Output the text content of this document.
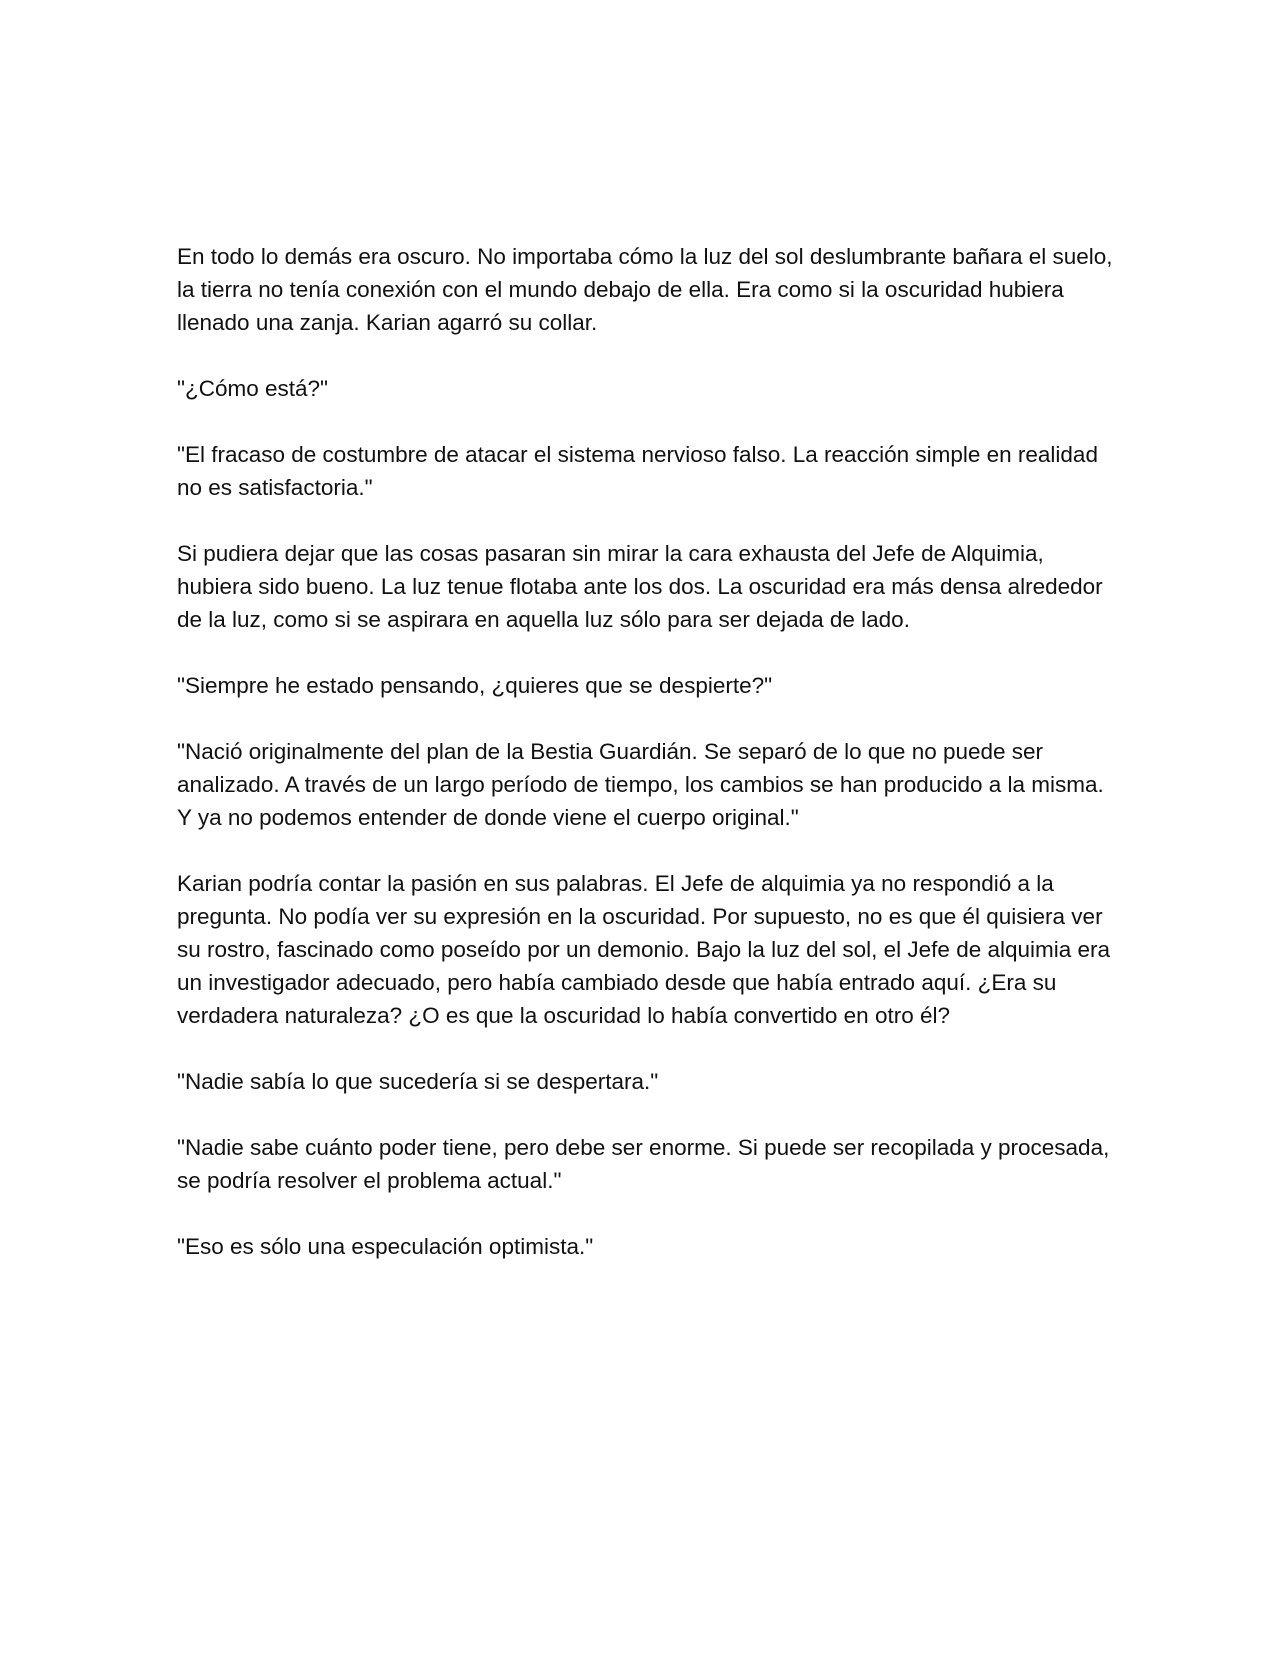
En todo lo demás era oscuro. No importaba cómo la luz del sol deslumbrante bañara el suelo, la tierra no tenía conexión con el mundo debajo de ella. Era como si la oscuridad hubiera llenado una zanja. Karian agarró su collar.

"¿Cómo está?"

"El fracaso de costumbre de atacar el sistema nervioso falso. La reacción simple en realidad no es satisfactoria."

Si pudiera dejar que las cosas pasaran sin mirar la cara exhausta del Jefe de Alquimia, hubiera sido bueno. La luz tenue flotaba ante los dos. La oscuridad era más densa alrededor de la luz, como si se aspirara en aquella luz sólo para ser dejada de lado.

"Siempre he estado pensando, ¿quieres que se despierte?"

"Nació originalmente del plan de la Bestia Guardián. Se separó de lo que no puede ser analizado. A través de un largo período de tiempo, los cambios se han producido a la misma. Y ya no podemos entender de donde viene el cuerpo original."

Karian podría contar la pasión en sus palabras. El Jefe de alquimia ya no respondió a la pregunta. No podía ver su expresión en la oscuridad. Por supuesto, no es que él quisiera ver su rostro, fascinado como poseído por un demonio. Bajo la luz del sol, el Jefe de alquimia era un investigador adecuado, pero había cambiado desde que había entrado aquí. ¿Era su verdadera naturaleza? ¿O es que la oscuridad lo había convertido en otro él?

"Nadie sabía lo que sucedería si se despertara."

"Nadie sabe cuánto poder tiene, pero debe ser enorme. Si puede ser recopilada y procesada, se podría resolver el problema actual."

"Eso es sólo una especulación optimista."
